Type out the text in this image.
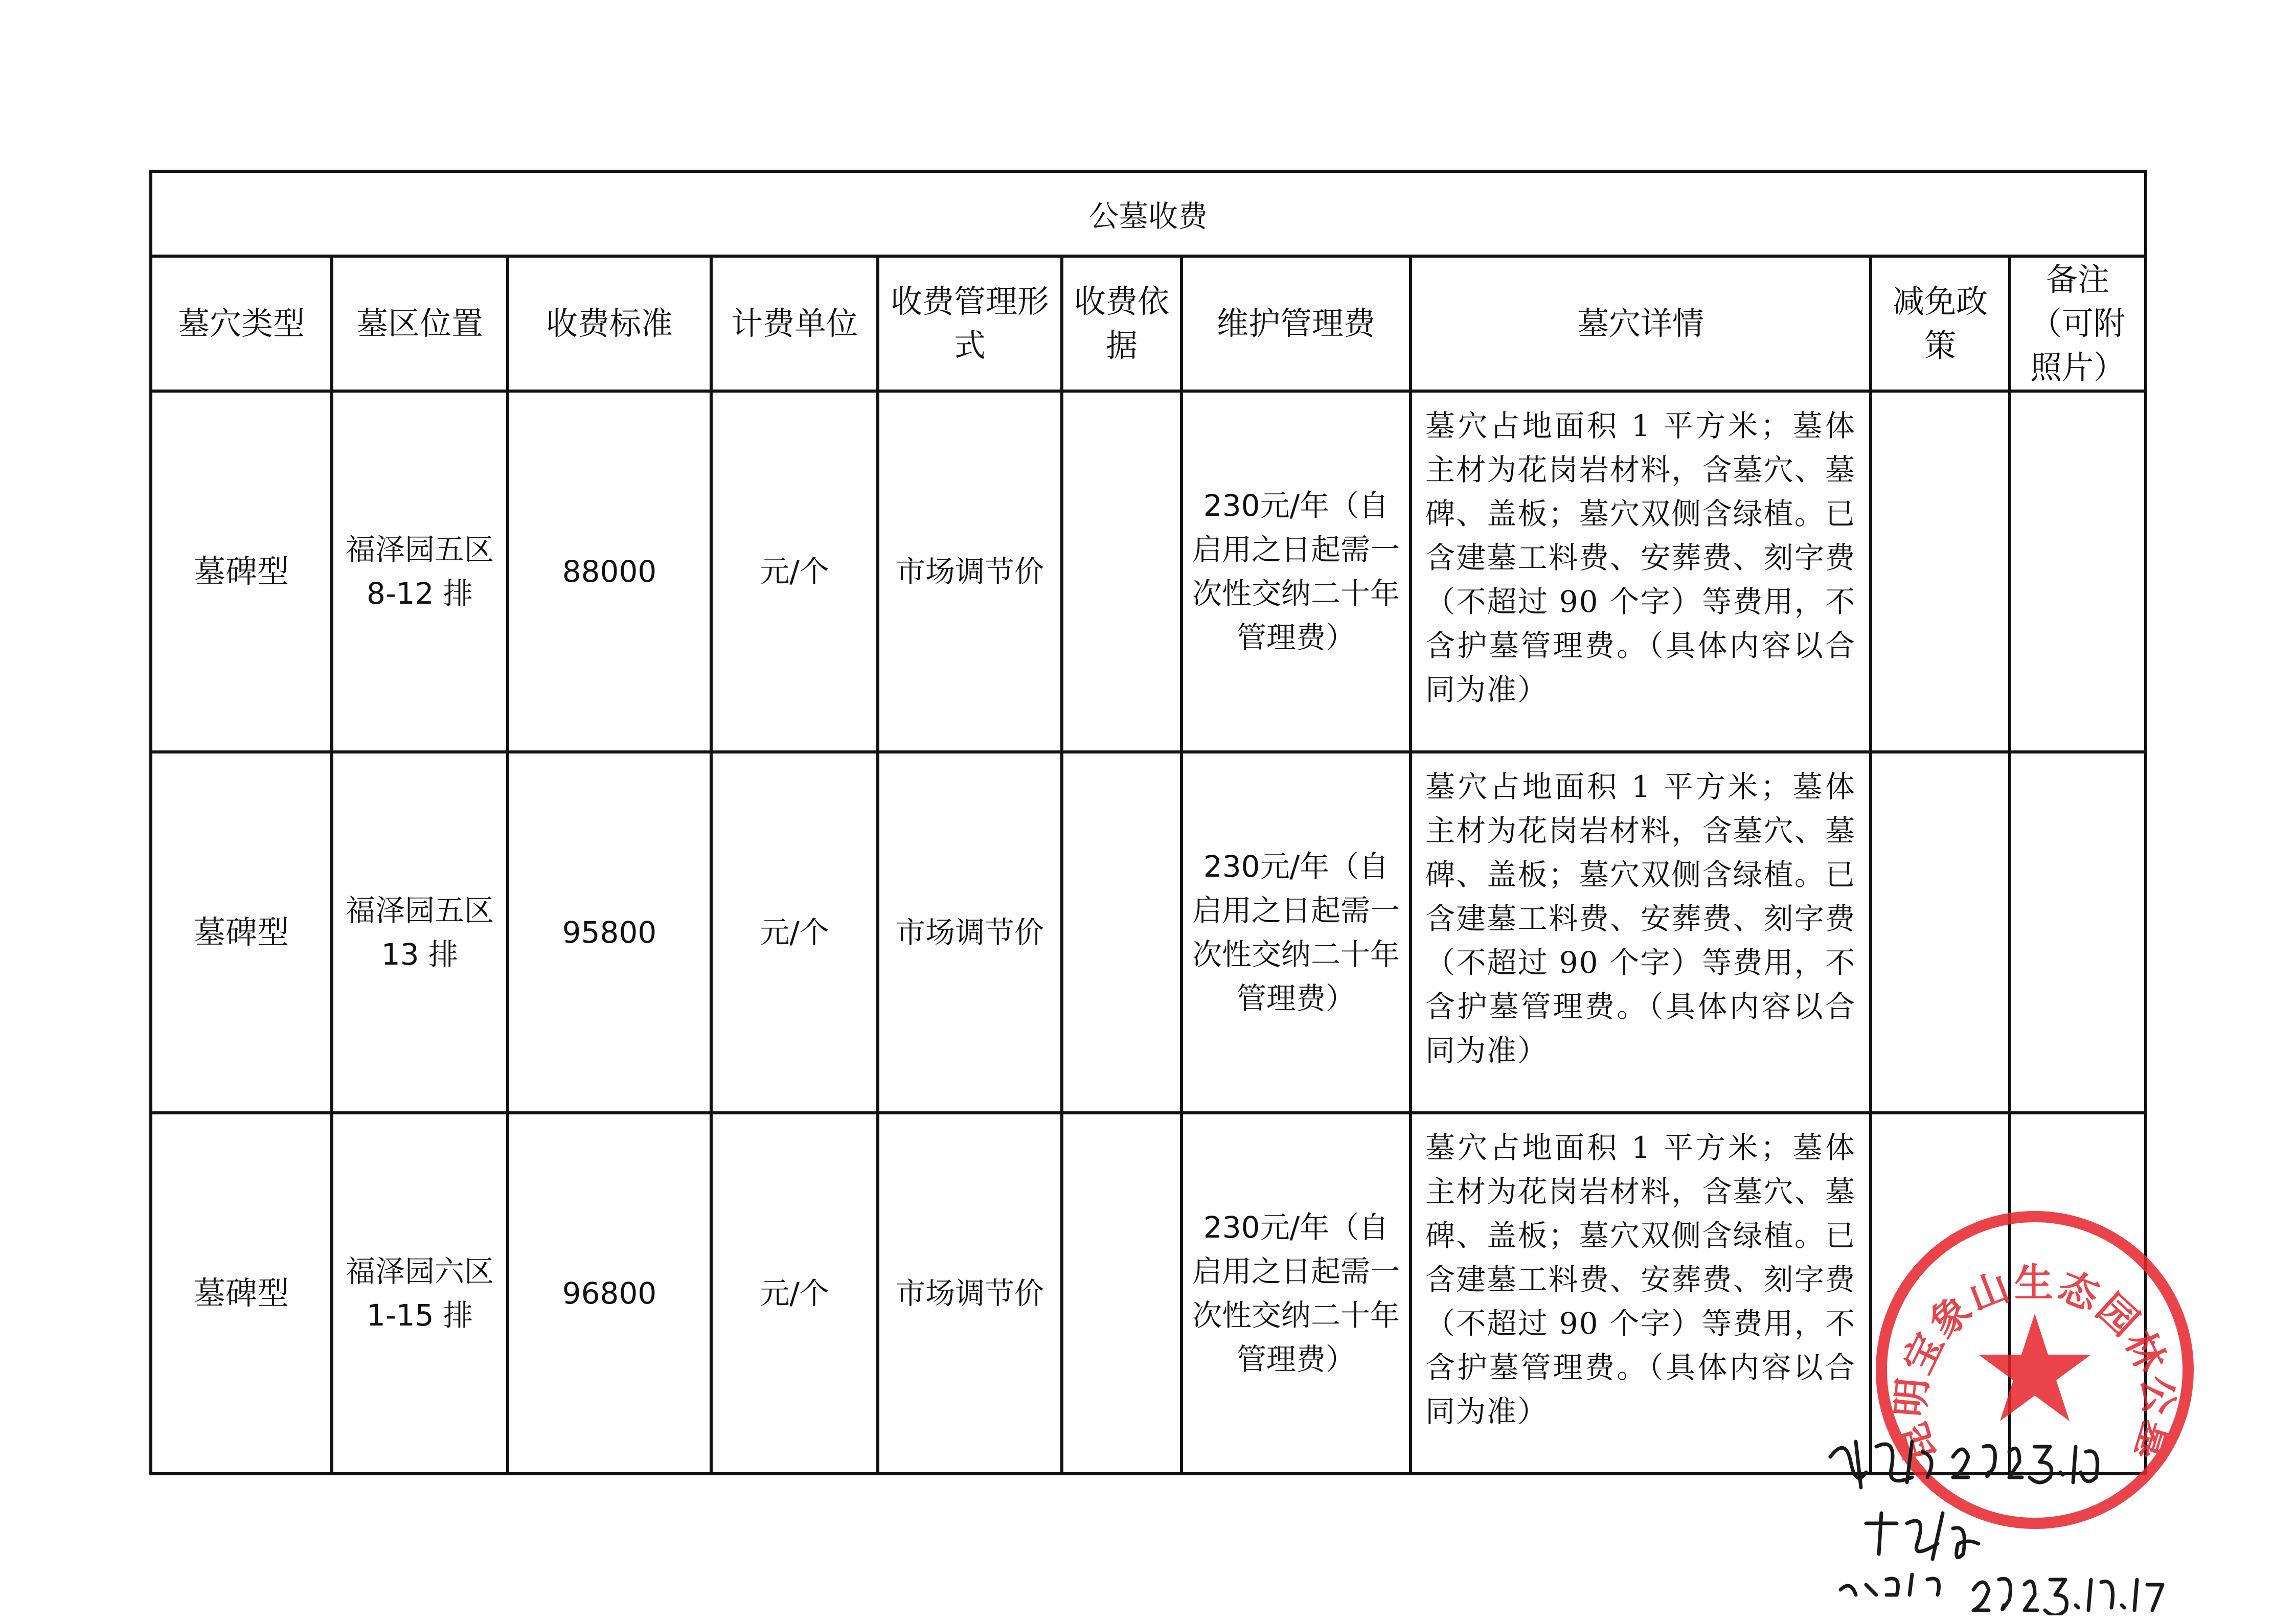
公墓收费									
墓穴类型	墓区位置	收费标准	计费单位	收费管理形式	收费依据	维护管理费	墓穴详情	减免政策	备注（可附照片）
墓碑型	福泽园五区 8-12 排	88000	元/个	市场调节价		230元/年（自启用之日起需一次性交纳二十年管理费）	墓穴占地面积 1 平方米；墓体主材为花岗岩材料，含墓穴、墓碑、盖板；墓穴双侧含绿植。已含建墓工料费、安葬费、刻字费（不超过 90 个字）等费用，不含护墓管理费。（具体内容以合同为准）		
墓碑型	福泽园五区 13 排	95800	元/个	市场调节价		230元/年（自启用之日起需一次性交纳二十年管理费）	墓穴占地面积 1 平方米；墓体主材为花岗岩材料，含墓穴、墓碑、盖板；墓穴双侧含绿植。已含建墓工料费、安葬费、刻字费（不超过 90 个字）等费用，不含护墓管理费。（具体内容以合同为准）		
墓碑型	福泽园六区 1-15 排	96800	元/个	市场调节价		230元/年（自启用之日起需一次性交纳二十年管理费）	墓穴占地面积 1 平方米；墓体主材为花岗岩材料，含墓穴、墓碑、盖板；墓穴双侧含绿植。已含建墓工料费、安葬费、刻字费（不超过 90 个字）等费用，不含护墓管理费。（具体内容以合同为准）		
昆明宝象山生态园林公墓
